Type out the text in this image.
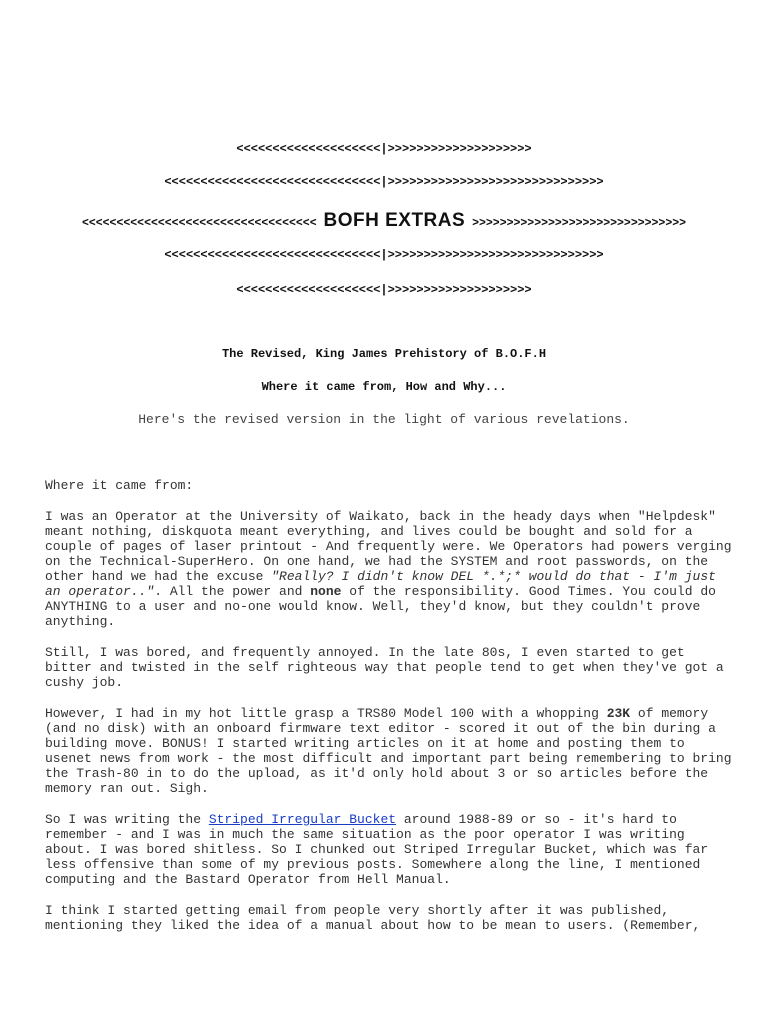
<<<<<<<<<<<<<<<<<<<<|>>>>>>>>>>>>>>>>>>>>
<<<<<<<<<<<<<<<<<<<<<<<<<<<<<<|>>>>>>>>>>>>>>>>>>>>>>>>>>>>>>
<<<<<<<<<<<<<<<<<<<<<<<<<<<<<<<<<< BOFH EXTRAS >>>>>>>>>>>>>>>>>>>>>>>>>>>>>>>
<<<<<<<<<<<<<<<<<<<<<<<<<<<<<<|>>>>>>>>>>>>>>>>>>>>>>>>>>>>>>
<<<<<<<<<<<<<<<<<<<<|>>>>>>>>>>>>>>>>>>>>
The Revised, King James Prehistory of B.O.F.H
Where it came from, How and Why...
Here's the revised version in the light of various revelations.

Where it came from:

I was an Operator at the University of Waikato, back in the heady days when "Helpdesk" meant nothing, diskquota meant everything, and lives could be bought and sold for a couple of pages of laser printout - And frequently were. We Operators had powers verging on the Technical-SuperHero. On one hand, we had the SYSTEM and root passwords, on the other hand we had the excuse "Really? I didn't know DEL *.*;* would do that - I'm just an operator..". All the power and none of the responsibility. Good Times. You could do ANYTHING to a user and no-one would know. Well, they'd know, but they couldn't prove anything.

Still, I was bored, and frequently annoyed. In the late 80s, I even started to get bitter and twisted in the self righteous way that people tend to get when they've got a cushy job.

However, I had in my hot little grasp a TRS80 Model 100 with a whopping 23K of memory (and no disk) with an onboard firmware text editor - scored it out of the bin during a building move. BONUS! I started writing articles on it at home and posting them to usenet news from work - the most difficult and important part being remembering to bring the Trash-80 in to do the upload, as it'd only hold about 3 or so articles before the memory ran out. Sigh.

So I was writing the Striped Irregular Bucket around 1988-89 or so - it's hard to remember - and I was in much the same situation as the poor operator I was writing about. I was bored shitless. So I chunked out Striped Irregular Bucket, which was far less offensive than some of my previous posts. Somewhere along the line, I mentioned computing and the Bastard Operator from Hell Manual.

I think I started getting email from people very shortly after it was published, mentioning they liked the idea of a manual about how to be mean to users. (Remember,
